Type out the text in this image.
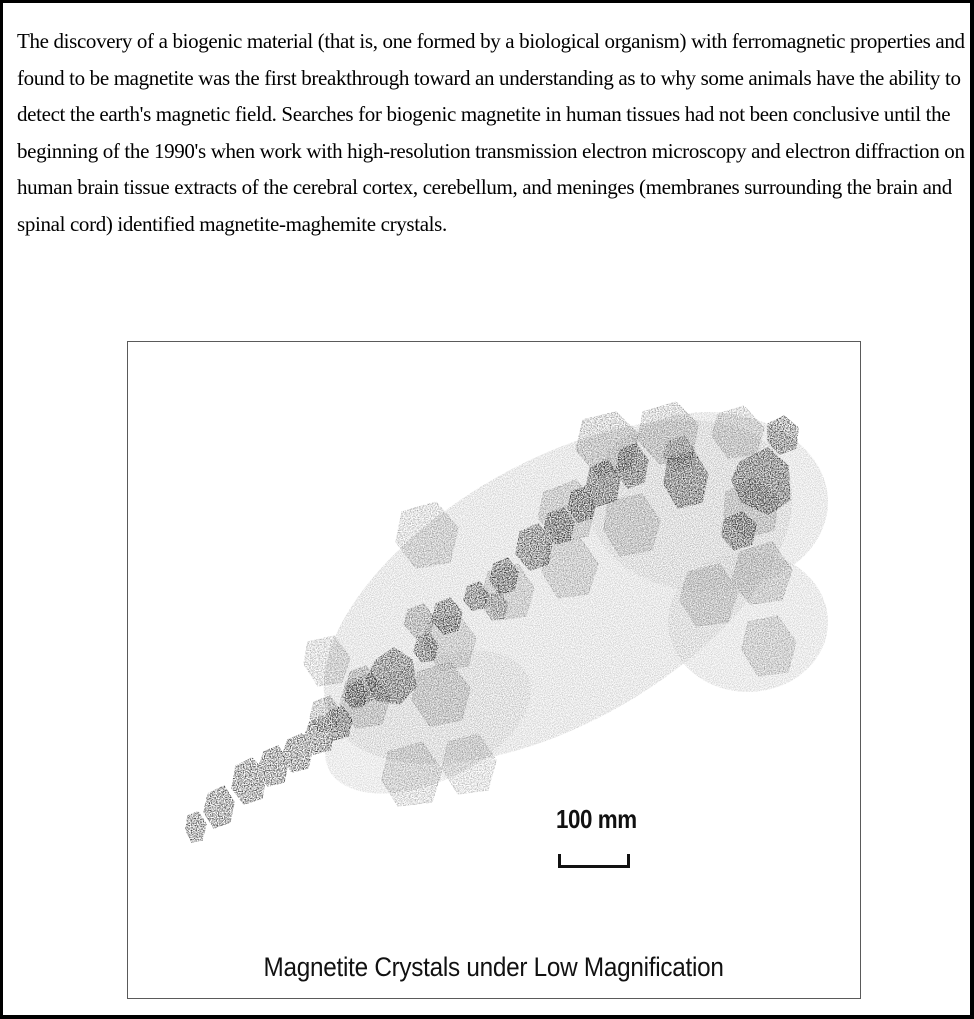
The discovery of a biogenic material (that is, one formed by a biological organism) with ferromagnetic properties and found to be magnetite was the first breakthrough toward an understanding as to why some animals have the ability to detect the earth's magnetic field. Searches for biogenic magnetite in human tissues had not been conclusive until the beginning of the 1990's when work with high-resolution transmission electron microscopy and electron diffraction on human brain tissue extracts of the cerebral cortex, cerebellum, and meninges (membranes surrounding the brain and spinal cord) identified magnetite-maghemite crystals.

100 mm
Magnetite Crystals under Low Magnification
